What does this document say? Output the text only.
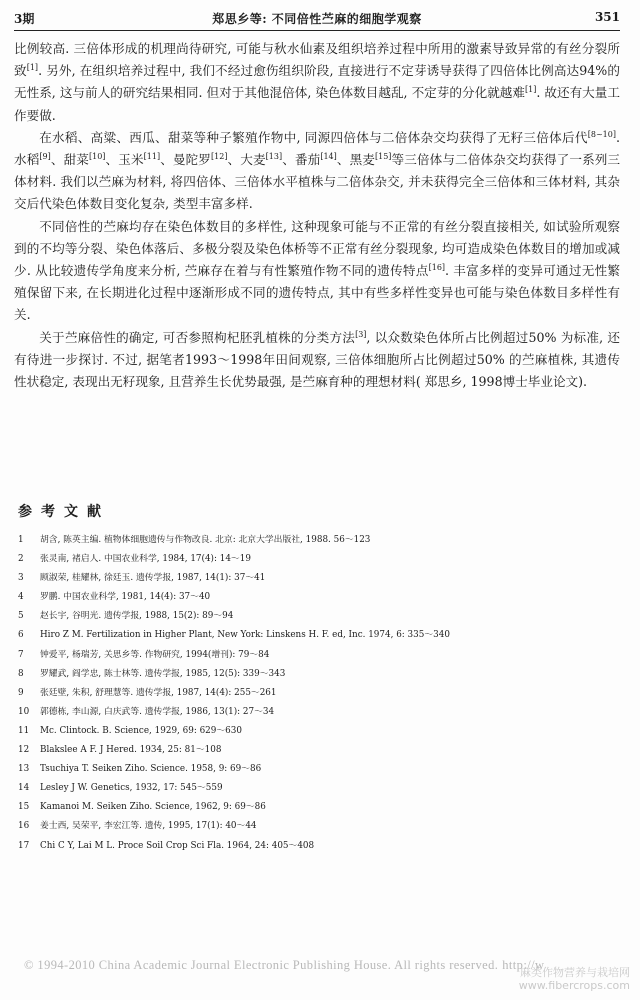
3期	郑思乡等: 不同倍性苎麻的细胞学观察	351

比例较高. 三倍体形成的机理尚待研究, 可能与秋水仙素及组织培养过程中所用的激素导致异常的有丝分裂所致[1]. 另外, 在组织培养过程中, 我们不经过愈伤组织阶段, 直接进行不定芽诱导获得了四倍体比例高达94%的无性系, 这与前人的研究结果相同. 但对于其他混倍体, 染色体数目越乱, 不定芽的分化就越难[1]. 故还有大量工作要做.

在水稻、高粱、西瓜、甜菜等种子繁殖作物中, 同源四倍体与二倍体杂交均获得了无籽三倍体后代[8~10]. 水稻[9]、甜菜[10]、玉米[11]、曼陀罗[12]、大麦[13]、番茄[14]、黑麦[15]等三倍体与二倍体杂交均获得了一系列三体材料. 我们以苎麻为材料, 将四倍体、三倍体水平植株与二倍体杂交, 并未获得完全三倍体和三体材料, 其杂交后代染色体数目变化复杂, 类型丰富多样.

不同倍性的苎麻均存在染色体数目的多样性, 这种现象可能与不正常的有丝分裂直接相关, 如试验所观察到的不均等分裂、染色体落后、多极分裂及染色体桥等不正常有丝分裂现象, 均可造成染色体数目的增加或减少. 从比较遗传学角度来分析, 苎麻存在着与有性繁殖作物不同的遗传特点[16]. 丰富多样的变异可通过无性繁殖保留下来, 在长期进化过程中逐渐形成不同的遗传特点, 其中有些多样性变异也可能与染色体数目多样性有关.

关于苎麻倍性的确定, 可否参照枸杞胚乳植株的分类方法[3], 以众数染色体所占比例超过50% 为标准, 还有待进一步探讨. 不过, 据笔者1993～1998年田间观察, 三倍体细胞所占比例超过50% 的苎麻植株, 其遗传性状稳定, 表现出无籽现象, 且营养生长优势最强, 是苎麻育种的理想材料( 郑思乡, 1998博士毕业论文).

参考文献
1 胡含, 陈英主编. 植物体细胞遗传与作物改良. 北京: 北京大学出版社, 1988. 56～123
2 张灵南, 褚启人. 中国农业科学, 1984, 17(4): 14～19
3 顾淑荣, 桂耀林, 徐廷玉. 遗传学报, 1987, 14(1): 37～41
4 罗鹏. 中国农业科学, 1981, 14(4): 37～40
5 赵长宇, 谷明光. 遗传学报, 1988, 15(2): 89～94
6 Hiro Z M. Fertilization in Higher Plant, New York: Linskens H. F. ed, Inc. 1974, 6: 335～340
7 钟爱平, 杨瑞芳, 关思乡等. 作物研究, 1994(增刊): 79～84
8 罗耀武, 阎学忠, 陈士林等. 遗传学报, 1985, 12(5): 339～343
9 张廷壁, 朱积, 舒理慧等. 遗传学报, 1987, 14(4): 255～261
10 郭德栋, 李山源, 白庆武等. 遗传学报, 1986, 13(1): 27～34
11 Mc. Clintock. B. Science, 1929, 69: 629～630
12 Blakslee A F. J Hered. 1934, 25: 81～108
13 Tsuchiya T. Seiken Ziho. Science. 1958, 9: 69～86
14 Lesley J W. Genetics, 1932, 17: 545～559
15 Kamanoi M. Seiken Ziho. Science, 1962, 9: 69～86
16 姜士西, 吴荣平, 李宏江等. 遗传, 1995, 17(1): 40～44
17 Chi C Y, Lai M L. Proce Soil Crop Sci Fla. 1964, 24: 405～408
© 1994-2010 China Academic Journal Electronic Publishing House. All rights reserved. http://w
麻类作物营养与栽培网
www.fibercrops.com
